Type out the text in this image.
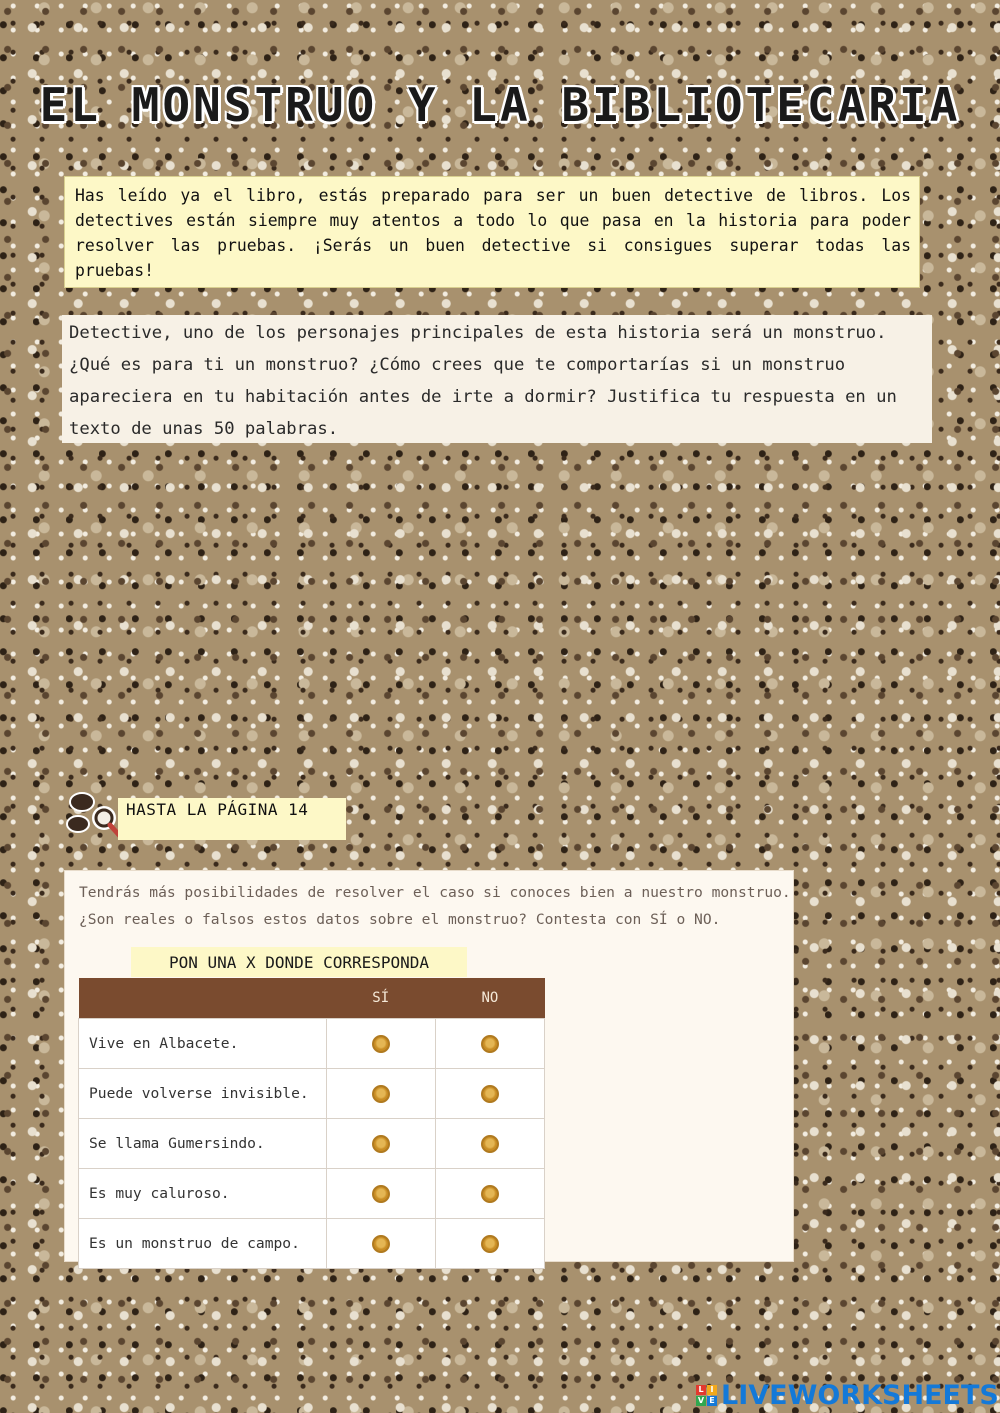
EL MONSTRUO Y LA BIBLIOTECARIA
Has leído ya el libro, estás preparado para ser un buen detective de libros. Los detectives están siempre muy atentos a todo lo que pasa en la historia para poder resolver las pruebas. ¡Serás un buen detective si consigues superar todas las pruebas!
Detective, uno de los personajes principales de esta historia será un monstruo. ¿Qué es para ti un monstruo? ¿Cómo crees que te comportarías si un monstruo apareciera en tu habitación antes de irte a dormir? Justifica tu respuesta en un texto de unas 50 palabras.
HASTA LA PÁGINA 14
Tendrás más posibilidades de resolver el caso si conoces bien a nuestro monstruo. ¿Son reales o falsos estos datos sobre el monstruo? Contesta con SÍ o NO.
PON UNA X DONDE CORRESPONDA
	SÍ	NO
Vive en Albacete.		
Puede volverse invisible.		
Se llama Gumersindo.		
Es muy caluroso.		
Es un monstruo de campo.		
L I
V E LIVEWORKSHEETS
